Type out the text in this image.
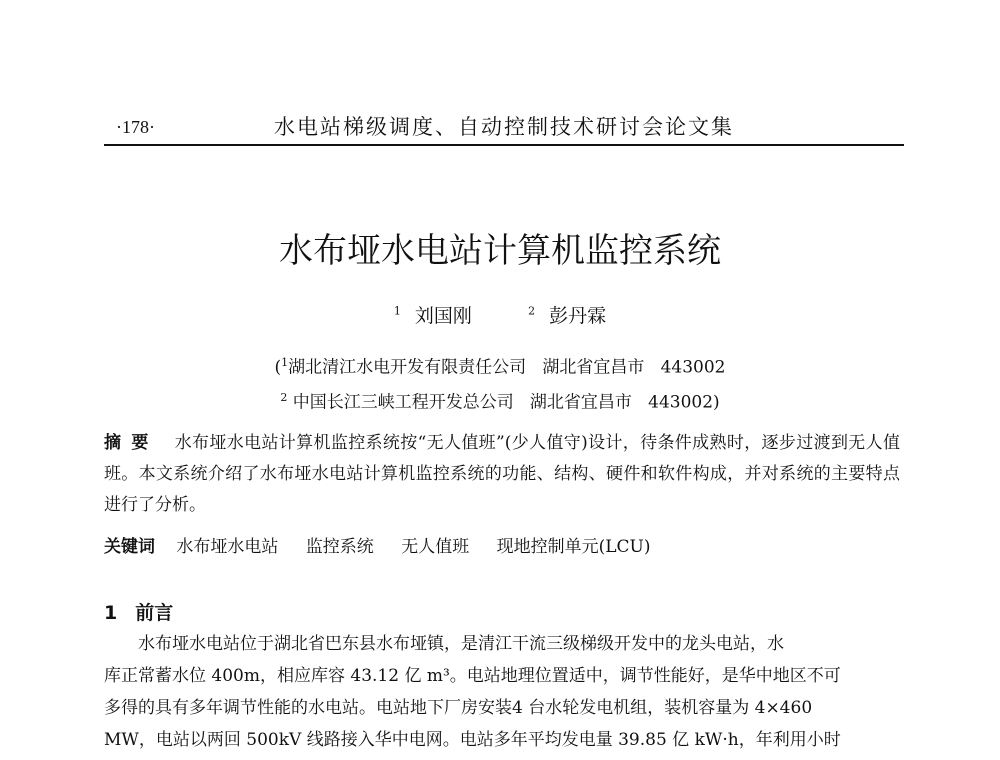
·178·	水电站梯级调度、自动控制技术研讨会论文集
水布垭水电站计算机监控系统
$^1$ 刘国刚	$^2$ 彭丹霖
($^1$湖北清江水电开发有限责任公司   湖北省宜昌市   443002
$^2$ 中国长江三峡工程开发总公司   湖北省宜昌市   443002)
摘要 水布垭水电站计算机监控系统按“无人值班”(少人值守)设计，待条件成熟时，逐步过渡到无人值班。本文系统介绍了水布垭水电站计算机监控系统的功能、结构、硬件和软件构成，并对系统的主要特点进行了分析。
关键词 水布垭水电站 监控系统 无人值班 现地控制单元(LCU)
1 前言
水布垭水电站位于湖北省巴东县水布垭镇，是清江干流三级梯级开发中的龙头电站，水
库正常蓄水位 400m，相应库容 43.12 亿 m³。电站地理位置适中，调节性能好，是华中地区不可
多得的具有多年调节性能的水电站。电站地下厂房安装4 台水轮发电机组，装机容量为 4×460
MW，电站以两回 500kV 线路接入华中电网。电站多年平均发电量 39.85 亿 kW·h，年利用小时
